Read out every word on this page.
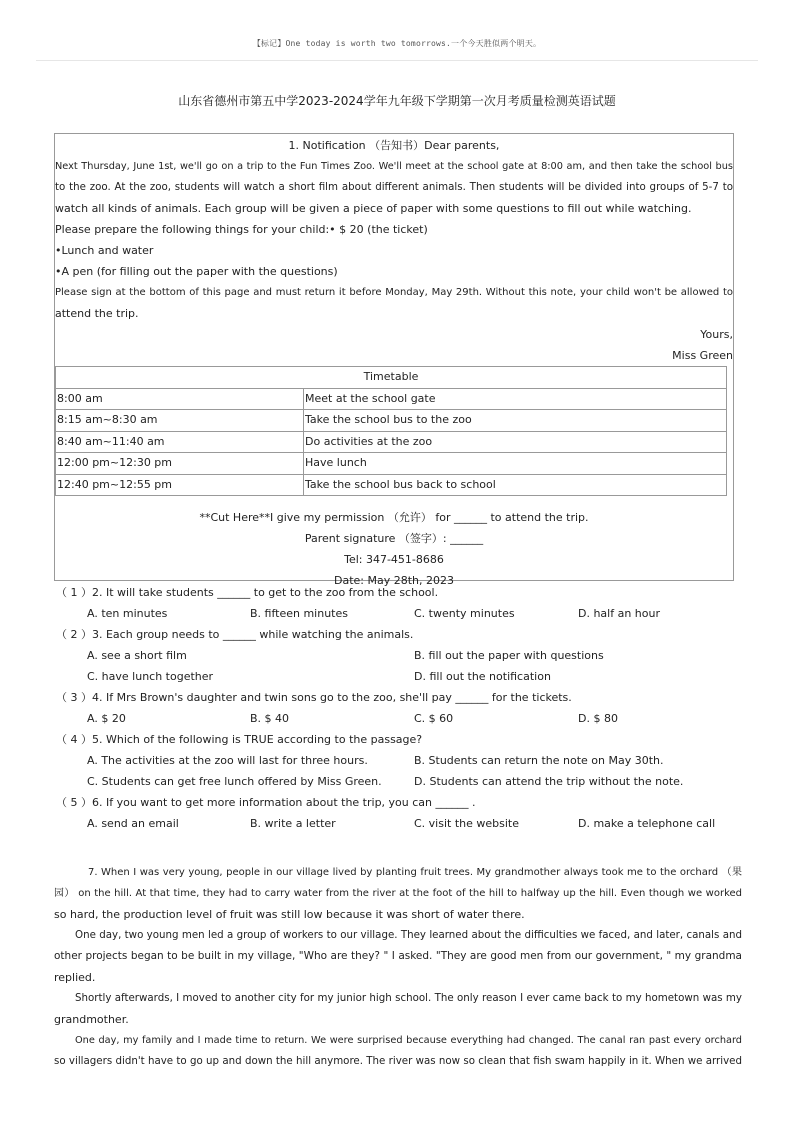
【标记】One today is worth two tomorrows.一个今天胜似两个明天。
山东省德州市第五中学2023-2024学年九年级下学期第一次月考质量检测英语试题
1. Notification （告知书）Dear parents,
Next Thursday, June 1st, we'll go on a trip to the Fun Times Zoo. We'll meet at the school gate at 8:00 am, and then take the school bus
to the zoo. At the zoo, students will watch a short film about different animals. Then students will be divided into groups of 5-7 to
watch all kinds of animals. Each group will be given a piece of paper with some questions to fill out while watching.
Please prepare the following things for your child:• $ 20 (the ticket)
•Lunch and water
•A pen (for filling out the paper with the questions)
Please sign at the bottom of this page and must return it before Monday, May 29th. Without this note, your child won't be allowed to
attend the trip.
Yours,
Miss Green
**Cut Here**I give my permission （允许） for ______ to attend the trip.
Parent signature （签字）: ______
Tel: 347-451-8686
Date: May 28th, 2023
Timetable	
8:00 am	Meet at the school gate
8:15 am~8:30 am	Take the school bus to the zoo
8:40 am~11:40 am	Do activities at the zoo
12:00 pm~12:30 pm	Have lunch
12:40 pm~12:55 pm	Take the school bus back to school
（ 1 ）2. It will take students ______ to get to the zoo from the school.
A. ten minutes	B. fifteen minutes	C. twenty minutes	D. half an hour
（ 2 ）3. Each group needs to ______ while watching the animals.
A. see a short film	B. fill out the paper with questions
C. have lunch together	D. fill out the notification
（ 3 ）4. If Mrs Brown's daughter and twin sons go to the zoo, she'll pay ______ for the tickets.
A. $ 20	B. $ 40	C. $ 60	D. $ 80
（ 4 ）5. Which of the following is TRUE according to the passage?
A. The activities at the zoo will last for three hours.	B. Students can return the note on May 30th.
C. Students can get free lunch offered by Miss Green.	D. Students can attend the trip without the note.
（ 5 ）6. If you want to get more information about the trip, you can ______ .
A. send an email	B. write a letter	C. visit the website	D. make a telephone call
7. When I was very young, people in our village lived by planting fruit trees. My grandmother always took me to the orchard （果
园） on the hill. At that time, they had to carry water from the river at the foot of the hill to halfway up the hill. Even though we worked
so hard, the production level of fruit was still low because it was short of water there.
One day, two young men led a group of workers to our village. They learned about the difficulties we faced, and later, canals and
other projects began to be built in my village, "Who are they? " I asked. "They are good men from our government, " my grandma
replied.
Shortly afterwards, I moved to another city for my junior high school. The only reason I ever came back to my hometown was my
grandmother.
One day, my family and I made time to return. We were surprised because everything had changed. The canal ran past every orchard
so villagers didn't have to go up and down the hill anymore. The river was now so clean that fish swam happily in it. When we arrived
